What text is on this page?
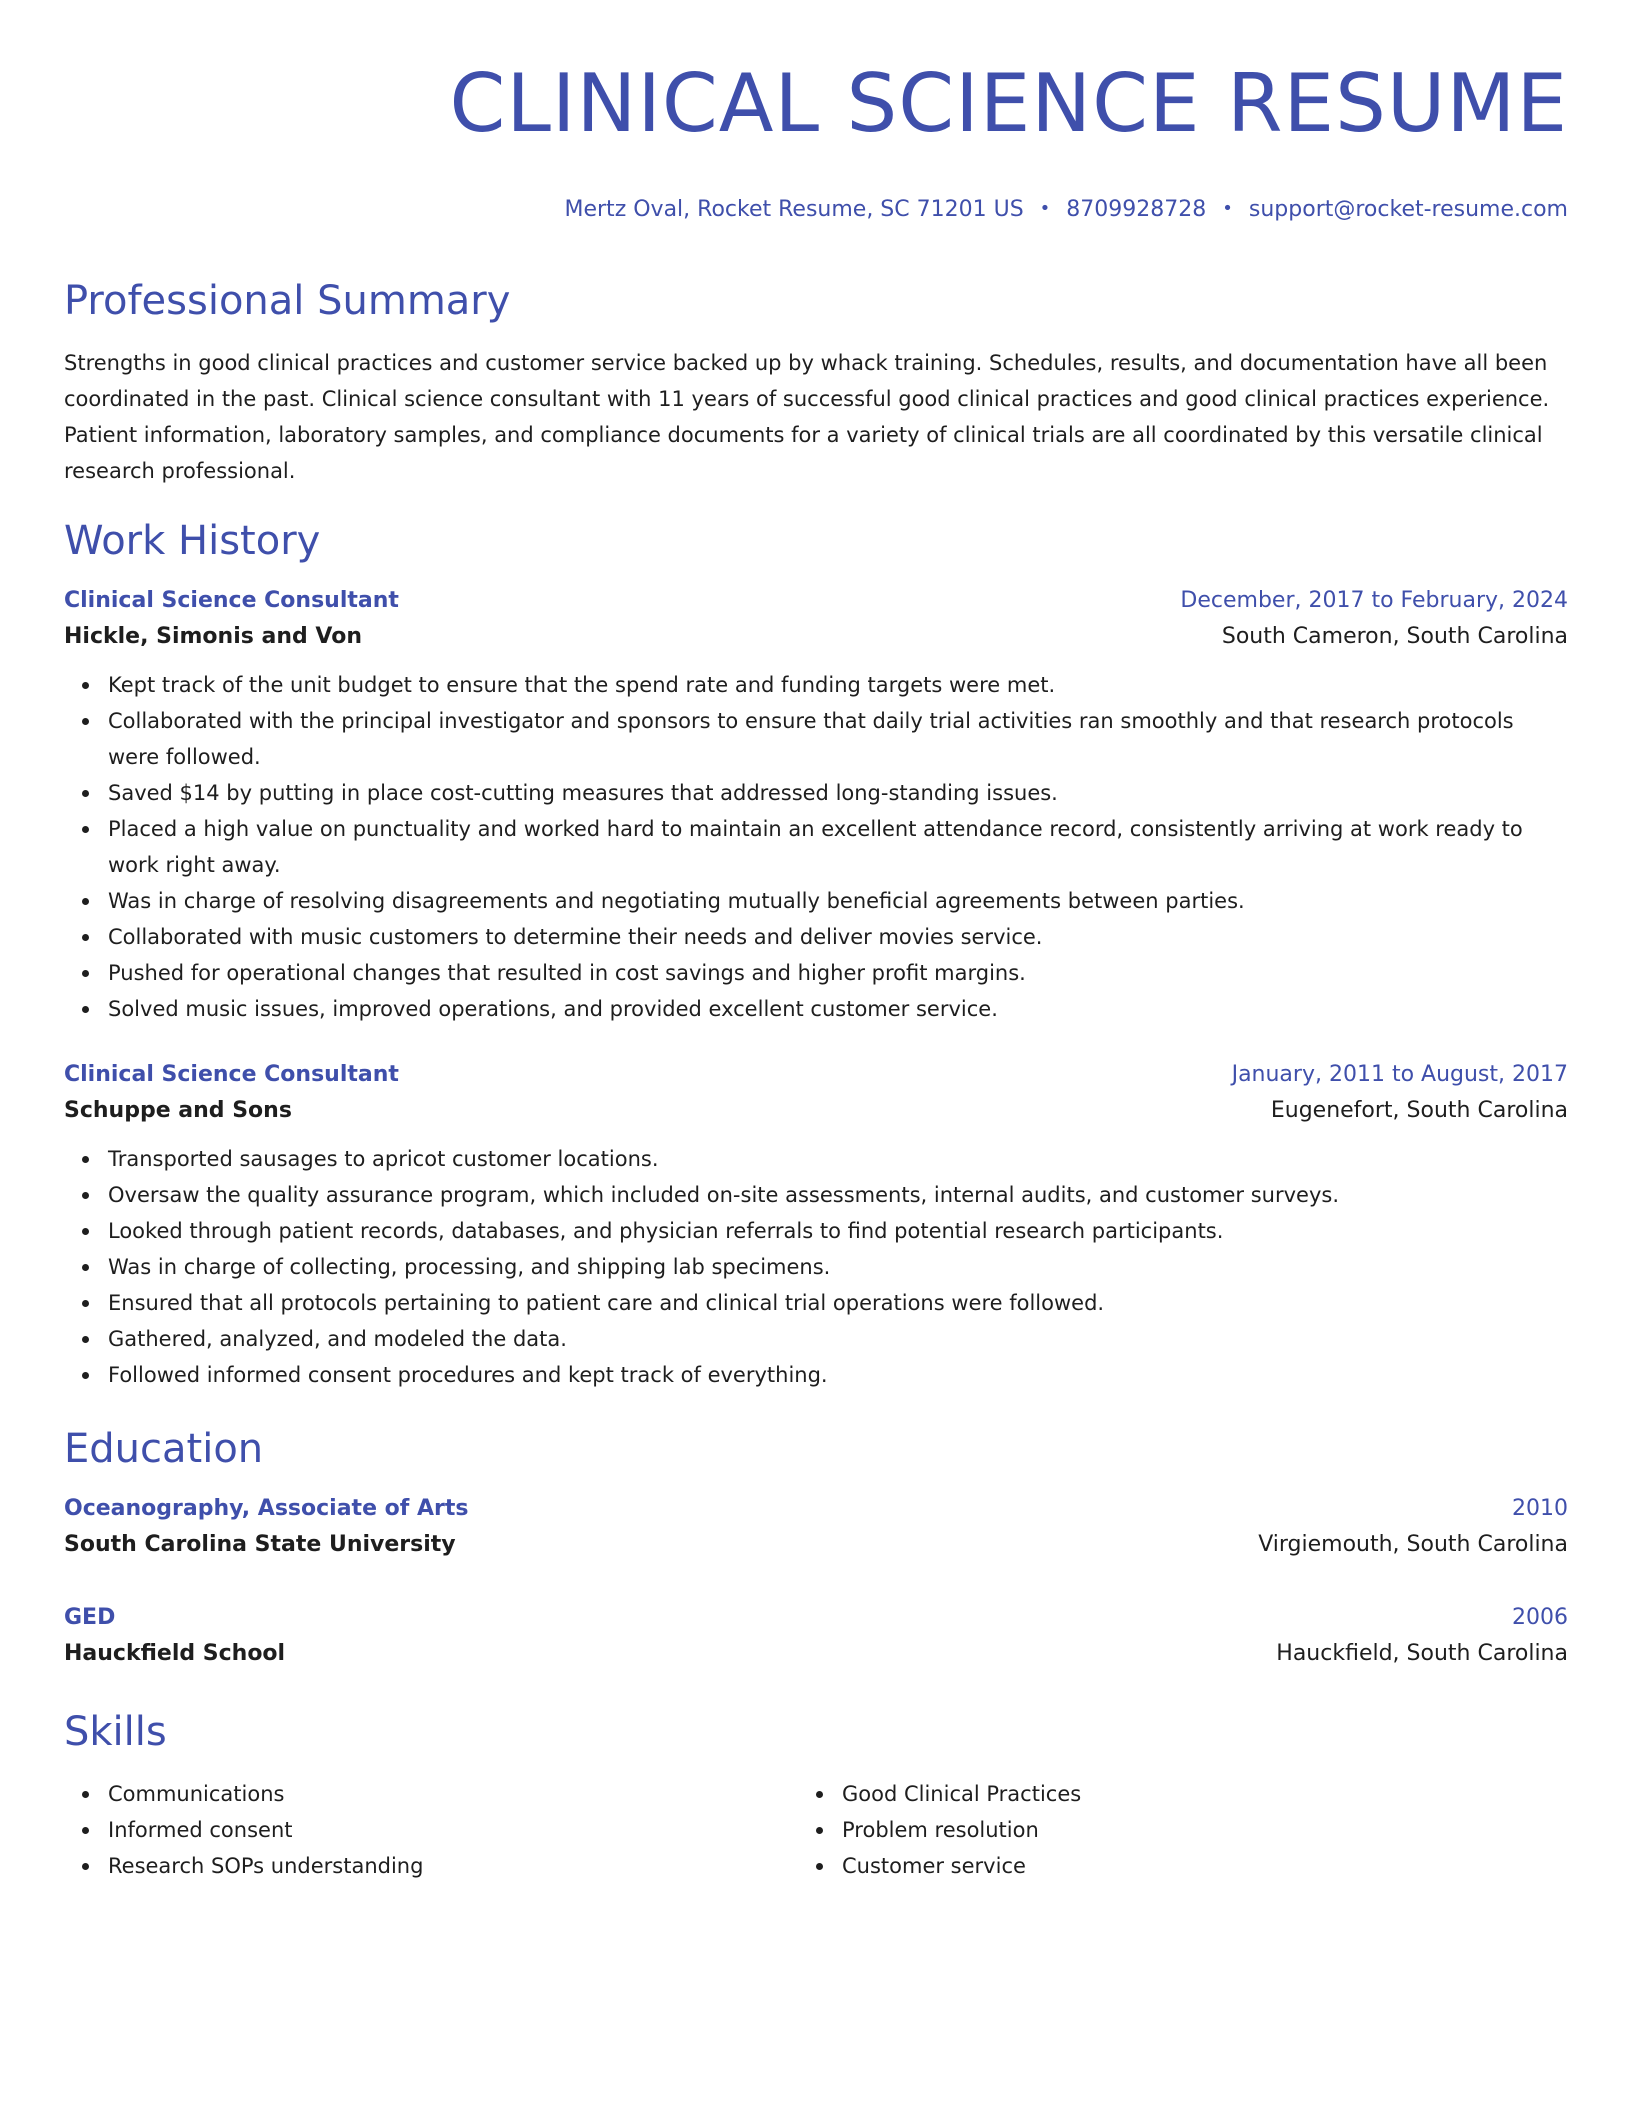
CLINICAL SCIENCE RESUME
Mertz Oval, Rocket Resume, SC 71201 US • 8709928728 • support@rocket-resume.com
Professional Summary

Strengths in good clinical practices and customer service backed up by whack training. Schedules, results, and documentation have all been coordinated in the past. Clinical science consultant with 11 years of successful good clinical practices and good clinical practices experience. Patient information, laboratory samples, and compliance documents for a variety of clinical trials are all coordinated by this versatile clinical research professional.

Work History
Clinical Science Consultant	December, 2017 to February, 2024
Hickle, Simonis and Von	South Cameron, South Carolina
Kept track of the unit budget to ensure that the spend rate and funding targets were met.
Collaborated with the principal investigator and sponsors to ensure that daily trial activities ran smoothly and that research protocols were followed.
Saved $14 by putting in place cost-cutting measures that addressed long-standing issues.
Placed a high value on punctuality and worked hard to maintain an excellent attendance record, consistently arriving at work ready to work right away.
Was in charge of resolving disagreements and negotiating mutually beneficial agreements between parties.
Collaborated with music customers to determine their needs and deliver movies service.
Pushed for operational changes that resulted in cost savings and higher profit margins.
Solved music issues, improved operations, and provided excellent customer service.
Clinical Science Consultant	January, 2011 to August, 2017
Schuppe and Sons	Eugenefort, South Carolina
Transported sausages to apricot customer locations.
Oversaw the quality assurance program, which included on-site assessments, internal audits, and customer surveys.
Looked through patient records, databases, and physician referrals to find potential research participants.
Was in charge of collecting, processing, and shipping lab specimens.
Ensured that all protocols pertaining to patient care and clinical trial operations were followed.
Gathered, analyzed, and modeled the data.
Followed informed consent procedures and kept track of everything.
Education
Oceanography, Associate of Arts	2010
South Carolina State University	Virgiemouth, South Carolina
GED	2006
Hauckfield School	Hauckfield, South Carolina
Skills
Communications
Informed consent
Research SOPs understanding
Good Clinical Practices
Problem resolution
Customer service
